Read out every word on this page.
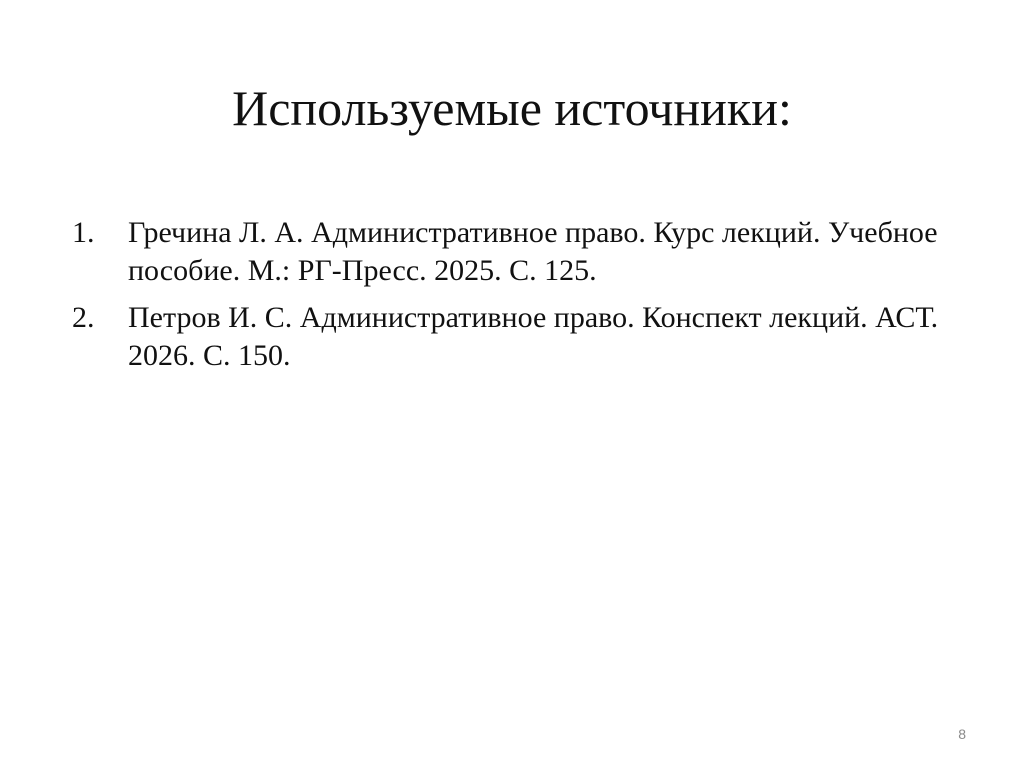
Используемые источники:
1. Гречина Л. А. Административное право. Курс лекций. Учебное пособие. М.: РГ-Пресс. 2025. С. 125.
2. Петров И. С. Административное право. Конспект лекций. АСТ. 2026. С. 150.
8
